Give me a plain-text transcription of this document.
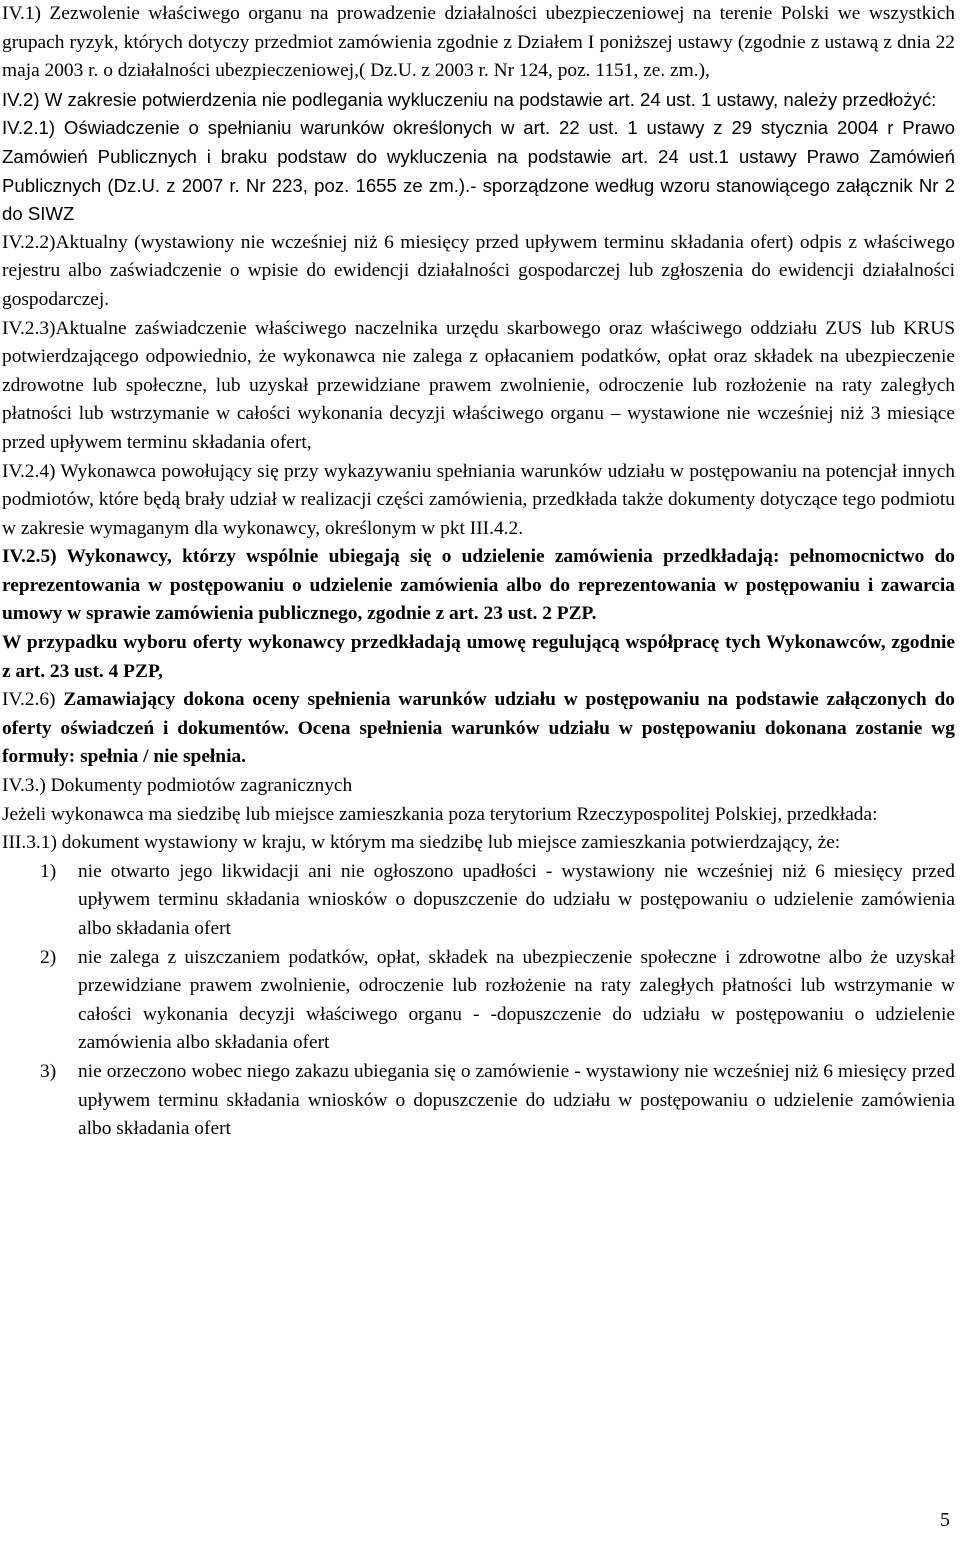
IV.1) Zezwolenie właściwego organu na prowadzenie działalności ubezpieczeniowej na terenie Polski we wszystkich grupach ryzyk, których dotyczy przedmiot zamówienia zgodnie z Działem I poniższej ustawy (zgodnie z ustawą z dnia 22 maja 2003 r. o działalności ubezpieczeniowej,( Dz.U. z 2003 r. Nr 124, poz. 1151, ze. zm.),

IV.2) W zakresie potwierdzenia nie podlegania wykluczeniu na podstawie art. 24 ust. 1 ustawy, należy przedłożyć:

IV.2.1) Oświadczenie o spełnianiu warunków określonych w art. 22 ust. 1 ustawy z 29 stycznia 2004 r Prawo Zamówień Publicznych i braku podstaw do wykluczenia na podstawie art. 24 ust.1 ustawy Prawo Zamówień Publicznych (Dz.U. z 2007 r. Nr 223, poz. 1655 ze zm.).- sporządzone według wzoru stanowiącego załącznik Nr 2 do SIWZ

IV.2.2)Aktualny (wystawiony nie wcześniej niż 6 miesięcy przed upływem terminu składania ofert) odpis z właściwego rejestru albo zaświadczenie o wpisie do ewidencji działalności gospodarczej lub zgłoszenia do ewidencji działalności gospodarczej.

IV.2.3)Aktualne zaświadczenie właściwego naczelnika urzędu skarbowego oraz właściwego oddziału ZUS lub KRUS potwierdzającego odpowiednio, że wykonawca nie zalega z opłacaniem podatków, opłat oraz składek na ubezpieczenie zdrowotne lub społeczne, lub uzyskał przewidziane prawem zwolnienie, odroczenie lub rozłożenie na raty zaległych płatności lub wstrzymanie w całości wykonania decyzji właściwego organu – wystawione nie wcześniej niż 3 miesiące przed upływem terminu składania ofert,

IV.2.4) Wykonawca powołujący się przy wykazywaniu spełniania warunków udziału w postępowaniu na potencjał innych podmiotów, które będą brały udział w realizacji części zamówienia, przedkłada także dokumenty dotyczące tego podmiotu w zakresie wymaganym dla wykonawcy, określonym w pkt III.4.2.

IV.2.5) Wykonawcy, którzy wspólnie ubiegają się o udzielenie zamówienia przedkładają: pełnomocnictwo do reprezentowania w postępowaniu o udzielenie zamówienia albo do reprezentowania w postępowaniu i zawarcia umowy w sprawie zamówienia publicznego, zgodnie z art. 23 ust. 2 PZP.

W przypadku wyboru oferty wykonawcy przedkładają umowę regulującą współpracę tych Wykonawców, zgodnie z art. 23 ust. 4 PZP,

IV.2.6) Zamawiający dokona oceny spełnienia warunków udziału w postępowaniu na podstawie załączonych do oferty oświadczeń i dokumentów. Ocena spełnienia warunków udziału w postępowaniu dokonana zostanie wg formuły: spełnia / nie spełnia.

IV.3.) Dokumenty podmiotów zagranicznych

Jeżeli wykonawca ma siedzibę lub miejsce zamieszkania poza terytorium Rzeczypospolitej Polskiej, przedkłada:

III.3.1) dokument wystawiony w kraju, w którym ma siedzibę lub miejsce zamieszkania potwierdzający, że:

1) nie otwarto jego likwidacji ani nie ogłoszono upadłości - wystawiony nie wcześniej niż 6 miesięcy przed upływem terminu składania wniosków o dopuszczenie do udziału w postępowaniu o udzielenie zamówienia albo składania ofert
2) nie zalega z uiszczaniem podatków, opłat, składek na ubezpieczenie społeczne i zdrowotne albo że uzyskał przewidziane prawem zwolnienie, odroczenie lub rozłożenie na raty zaległych płatności lub wstrzymanie w całości wykonania decyzji właściwego organu - -dopuszczenie do udziału w postępowaniu o udzielenie zamówienia albo składania ofert
3) nie orzeczono wobec niego zakazu ubiegania się o zamówienie - wystawiony nie wcześniej niż 6 miesięcy przed upływem terminu składania wniosków o dopuszczenie do udziału w postępowaniu o udzielenie zamówienia albo składania ofert
5
